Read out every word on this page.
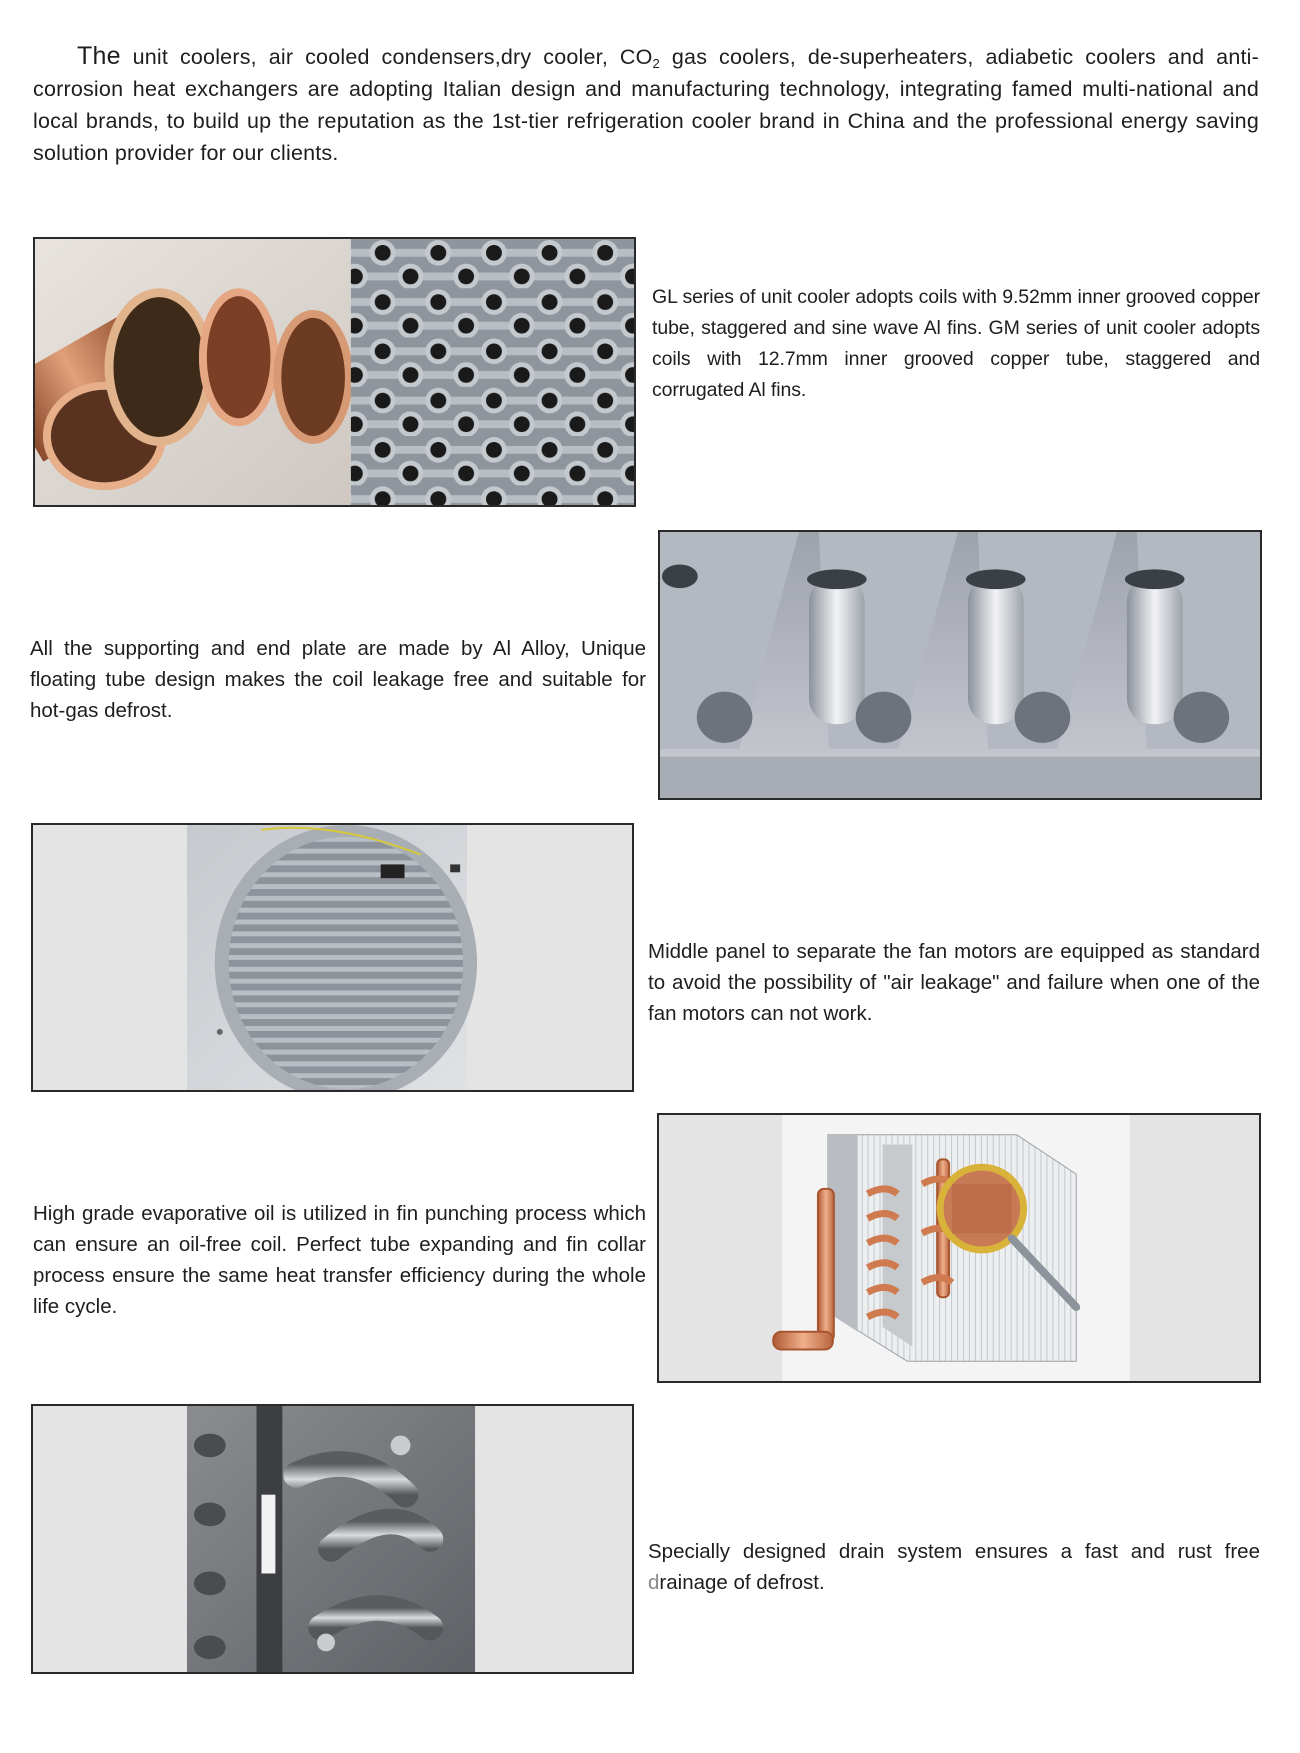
The unit coolers, air cooled condensers,dry cooler, $CO_2$ gas coolers, de-superheaters, adiabetic coolers and anti-corrosion heat exchangers are adopting Italian design and manufacturing technology, integrating famed multi-national and local brands, to build up the reputation as the 1st-tier refrigeration cooler brand in China and the professional energy saving solution provider for our clients.
GL series of unit cooler adopts coils with 9.52mm inner grooved copper tube, staggered and sine wave Al fins. GM series of unit cooler adopts coils with 12.7mm inner grooved copper tube, staggered and corrugated Al fins.
All the supporting and end plate are made by Al Alloy, Unique floating tube design makes the coil leakage free and suitable for hot-gas defrost.
Middle panel to separate the fan motors are equipped as standard to avoid the possibility of "air leakage" and failure when one of the fan motors can not work.
High grade evaporative oil is utilized in fin punching process which can ensure an oil-free coil. Perfect tube expanding and fin collar process ensure the same heat transfer efficiency during the whole life cycle.
Specially designed drain system ensures a fast and rust free drainage of defrost.
